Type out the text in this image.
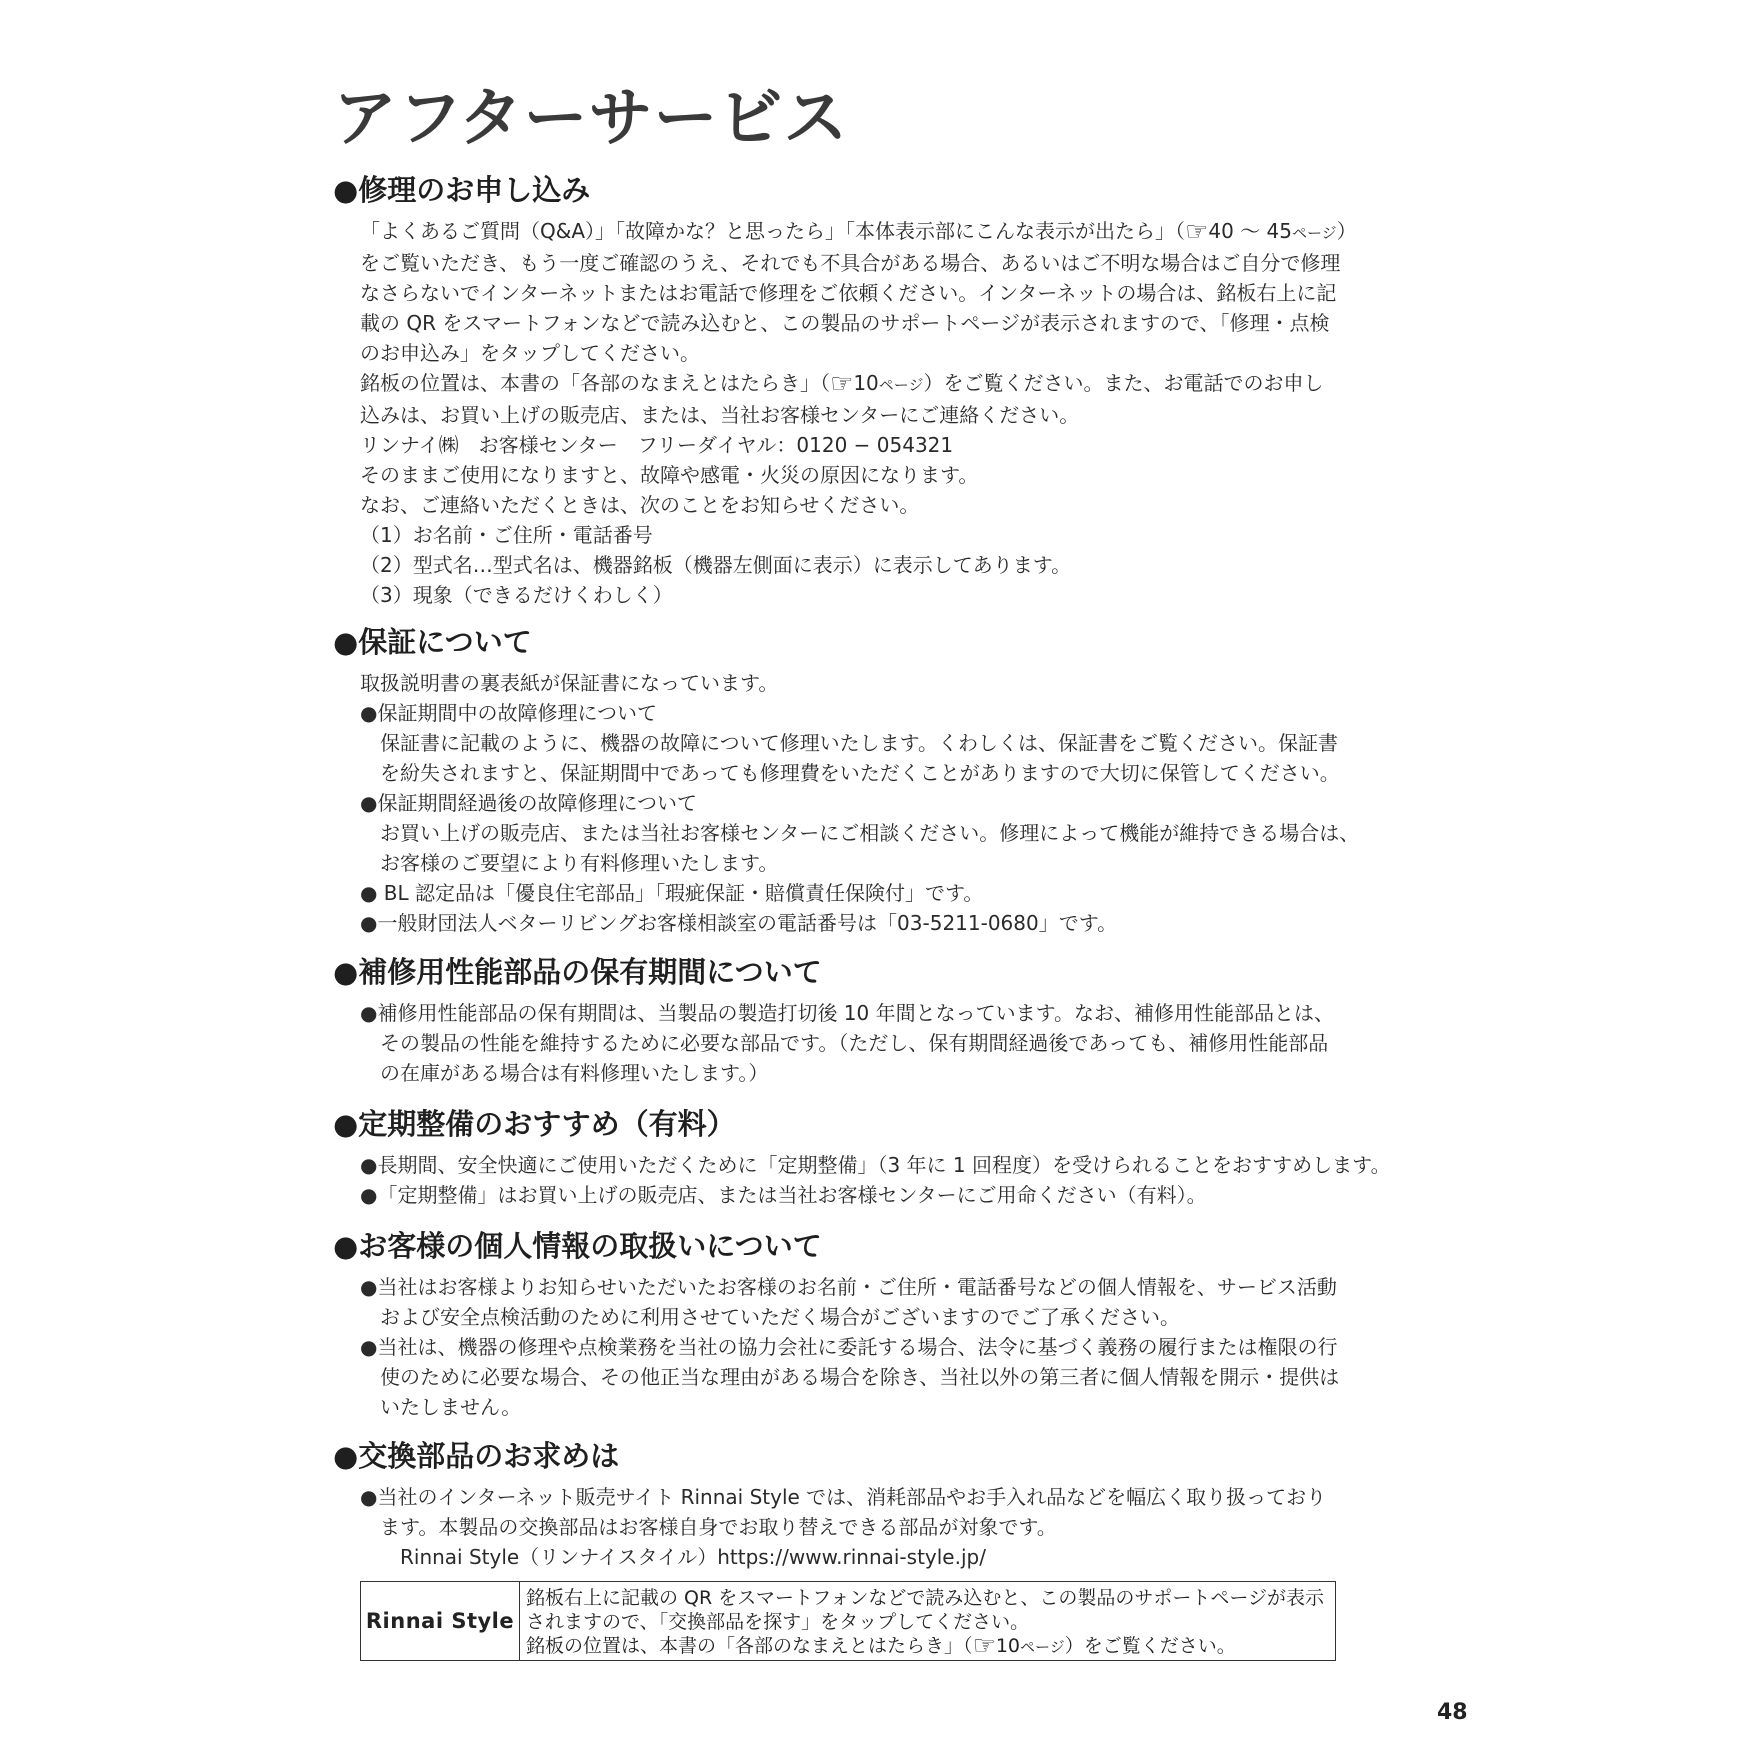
アフターサービス
●修理のお申し込み

「よくあるご質問（Q&A）」「故障かな？と思ったら」「本体表示部にこんな表示が出たら」（☞40 ～ 45ページ）

をご覧いただき、もう一度ご確認のうえ、それでも不具合がある場合、あるいはご不明な場合はご自分で修理

なさらないでインターネットまたはお電話で修理をご依頼ください。インターネットの場合は、銘板右上に記

載の QR をスマートフォンなどで読み込むと、この製品のサポートページが表示されますので、「修理・点検

のお申込み」をタップしてください。

銘板の位置は、本書の「各部のなまえとはたらき」（☞10ページ）をご覧ください。また、お電話でのお申し

込みは、お買い上げの販売店、または、当社お客様センターにご連絡ください。

リンナイ㈱　お客様センター　フリーダイヤル：0120 − 054321

そのままご使用になりますと、故障や感電・火災の原因になります。

なお、ご連絡いただくときは、次のことをお知らせください。

（1）お名前・ご住所・電話番号

（2）型式名…型式名は、機器銘板（機器左側面に表示）に表示してあります。

（3）現象（できるだけくわしく）

●保証について

取扱説明書の裏表紙が保証書になっています。

●保証期間中の故障修理について

保証書に記載のように、機器の故障について修理いたします。くわしくは、保証書をご覧ください。保証書

を紛失されますと、保証期間中であっても修理費をいただくことがありますので大切に保管してください。

●保証期間経過後の故障修理について

お買い上げの販売店、または当社お客様センターにご相談ください。修理によって機能が維持できる場合は、

お客様のご要望により有料修理いたします。

● BL 認定品は「優良住宅部品」「瑕疵保証・賠償責任保険付」です。

●一般財団法人ベターリビングお客様相談室の電話番号は「03-5211-0680」です。

●補修用性能部品の保有期間について

●補修用性能部品の保有期間は、当製品の製造打切後 10 年間となっています。なお、補修用性能部品とは、

その製品の性能を維持するために必要な部品です。（ただし、保有期間経過後であっても、補修用性能部品

の在庫がある場合は有料修理いたします。）

●定期整備のおすすめ（有料）

●長期間、安全快適にご使用いただくために「定期整備」（3 年に 1 回程度）を受けられることをおすすめします。

●「定期整備」はお買い上げの販売店、または当社お客様センターにご用命ください（有料）。

●お客様の個人情報の取扱いについて

●当社はお客様よりお知らせいただいたお客様のお名前・ご住所・電話番号などの個人情報を、サービス活動

および安全点検活動のために利用させていただく場合がございますのでご了承ください。

●当社は、機器の修理や点検業務を当社の協力会社に委託する場合、法令に基づく義務の履行または権限の行

使のために必要な場合、その他正当な理由がある場合を除き、当社以外の第三者に個人情報を開示・提供は

いたしません。

●交換部品のお求めは

●当社のインターネット販売サイト Rinnai Style では、消耗部品やお手入れ品などを幅広く取り扱っており

ます。本製品の交換部品はお客様自身でお取り替えできる部品が対象です。

Rinnai Style（リンナイスタイル）https://www.rinnai-style.jp/

Rinnai Style

銘板右上に記載の QR をスマートフォンなどで読み込むと、この製品のサポートページが表示

されますので、「交換部品を探す」をタップしてください。

銘板の位置は、本書の「各部のなまえとはたらき」（☞10ページ）をご覧ください。

48
